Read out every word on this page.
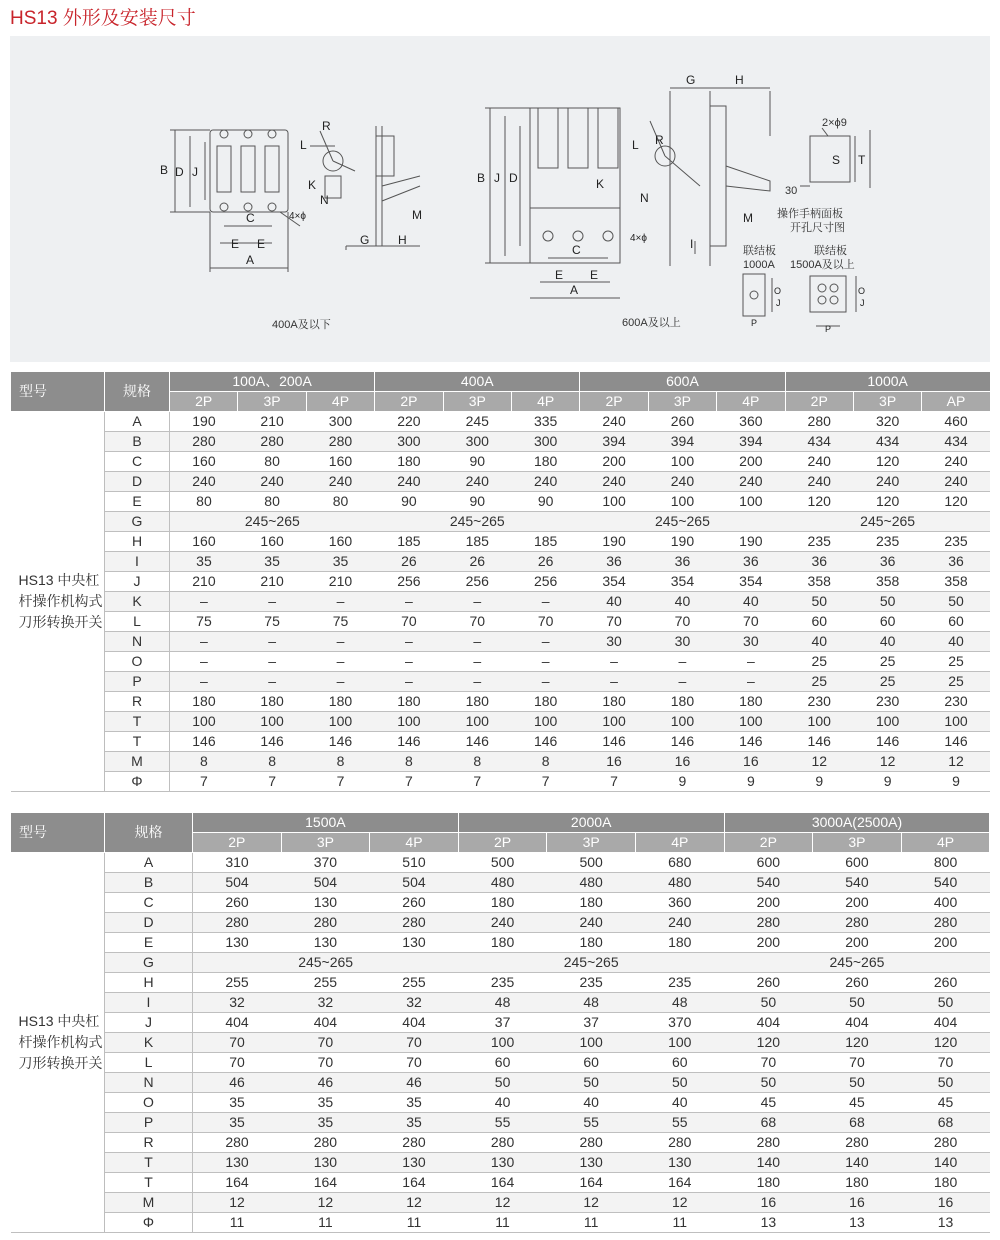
HS13 外形及安装尺寸
B D J
C
E E
A
4×ϕ
L
R
K
N
G H
M
B J D
C
E E
A
K
4×ϕ
L R
N
G	H
I
M
S T
O
J
P
O
J
P
2×ϕ9
30
操作手柄面板开孔尺寸图
联结板 1000A
联结板 1500A及以上
400A及以下	600A及以上
型号	规格	100A、200A			400A			600A			1000A		
		2P	3P	4P	2P	3P	4P	2P	3P	4P	2P	3P	AP
HS13 中央杠杆操作机构式刀形转换开关	A	190	210	300	220	245	335	240	260	360	280	320	460
	B	280	280	280	300	300	300	394	394	394	434	434	434
	C	160	80	160	180	90	180	200	100	200	240	120	240
	D	240	240	240	240	240	240	240	240	240	240	240	240
	E	80	80	80	90	90	90	100	100	100	120	120	120
	G	245~265			245~265			245~265			245~265		
	H	160	160	160	185	185	185	190	190	190	235	235	235
	I	35	35	35	26	26	26	36	36	36	36	36	36
	J	210	210	210	256	256	256	354	354	354	358	358	358
	K	–	–	–	–	–	–	40	40	40	50	50	50
	L	75	75	75	70	70	70	70	70	70	60	60	60
	N	–	–	–	–	–	–	30	30	30	40	40	40
	O	–	–	–	–	–	–	–	–	–	25	25	25
	P	–	–	–	–	–	–	–	–	–	25	25	25
	R	180	180	180	180	180	180	180	180	180	230	230	230
	T	100	100	100	100	100	100	100	100	100	100	100	100
	T	146	146	146	146	146	146	146	146	146	146	146	146
	M	8	8	8	8	8	8	16	16	16	12	12	12
	Φ	7	7	7	7	7	7	7	9	9	9	9	9
型号	规格	1500A			2000A			3000A(2500A)		
		2P	3P	4P	2P	3P	4P	2P	3P	4P
HS13 中央杠杆操作机构式刀形转换开关	A	310	370	510	500	500	680	600	600	800
	B	504	504	504	480	480	480	540	540	540
	C	260	130	260	180	180	360	200	200	400
	D	280	280	280	240	240	240	280	280	280
	E	130	130	130	180	180	180	200	200	200
	G	245~265			245~265			245~265		
	H	255	255	255	235	235	235	260	260	260
	I	32	32	32	48	48	48	50	50	50
	J	404	404	404	37	37	370	404	404	404
	K	70	70	70	100	100	100	120	120	120
	L	70	70	70	60	60	60	70	70	70
	N	46	46	46	50	50	50	50	50	50
	O	35	35	35	40	40	40	45	45	45
	P	35	35	35	55	55	55	68	68	68
	R	280	280	280	280	280	280	280	280	280
	T	130	130	130	130	130	130	140	140	140
	T	164	164	164	164	164	164	180	180	180
	M	12	12	12	12	12	12	16	16	16
	Φ	11	11	11	11	11	11	13	13	13
